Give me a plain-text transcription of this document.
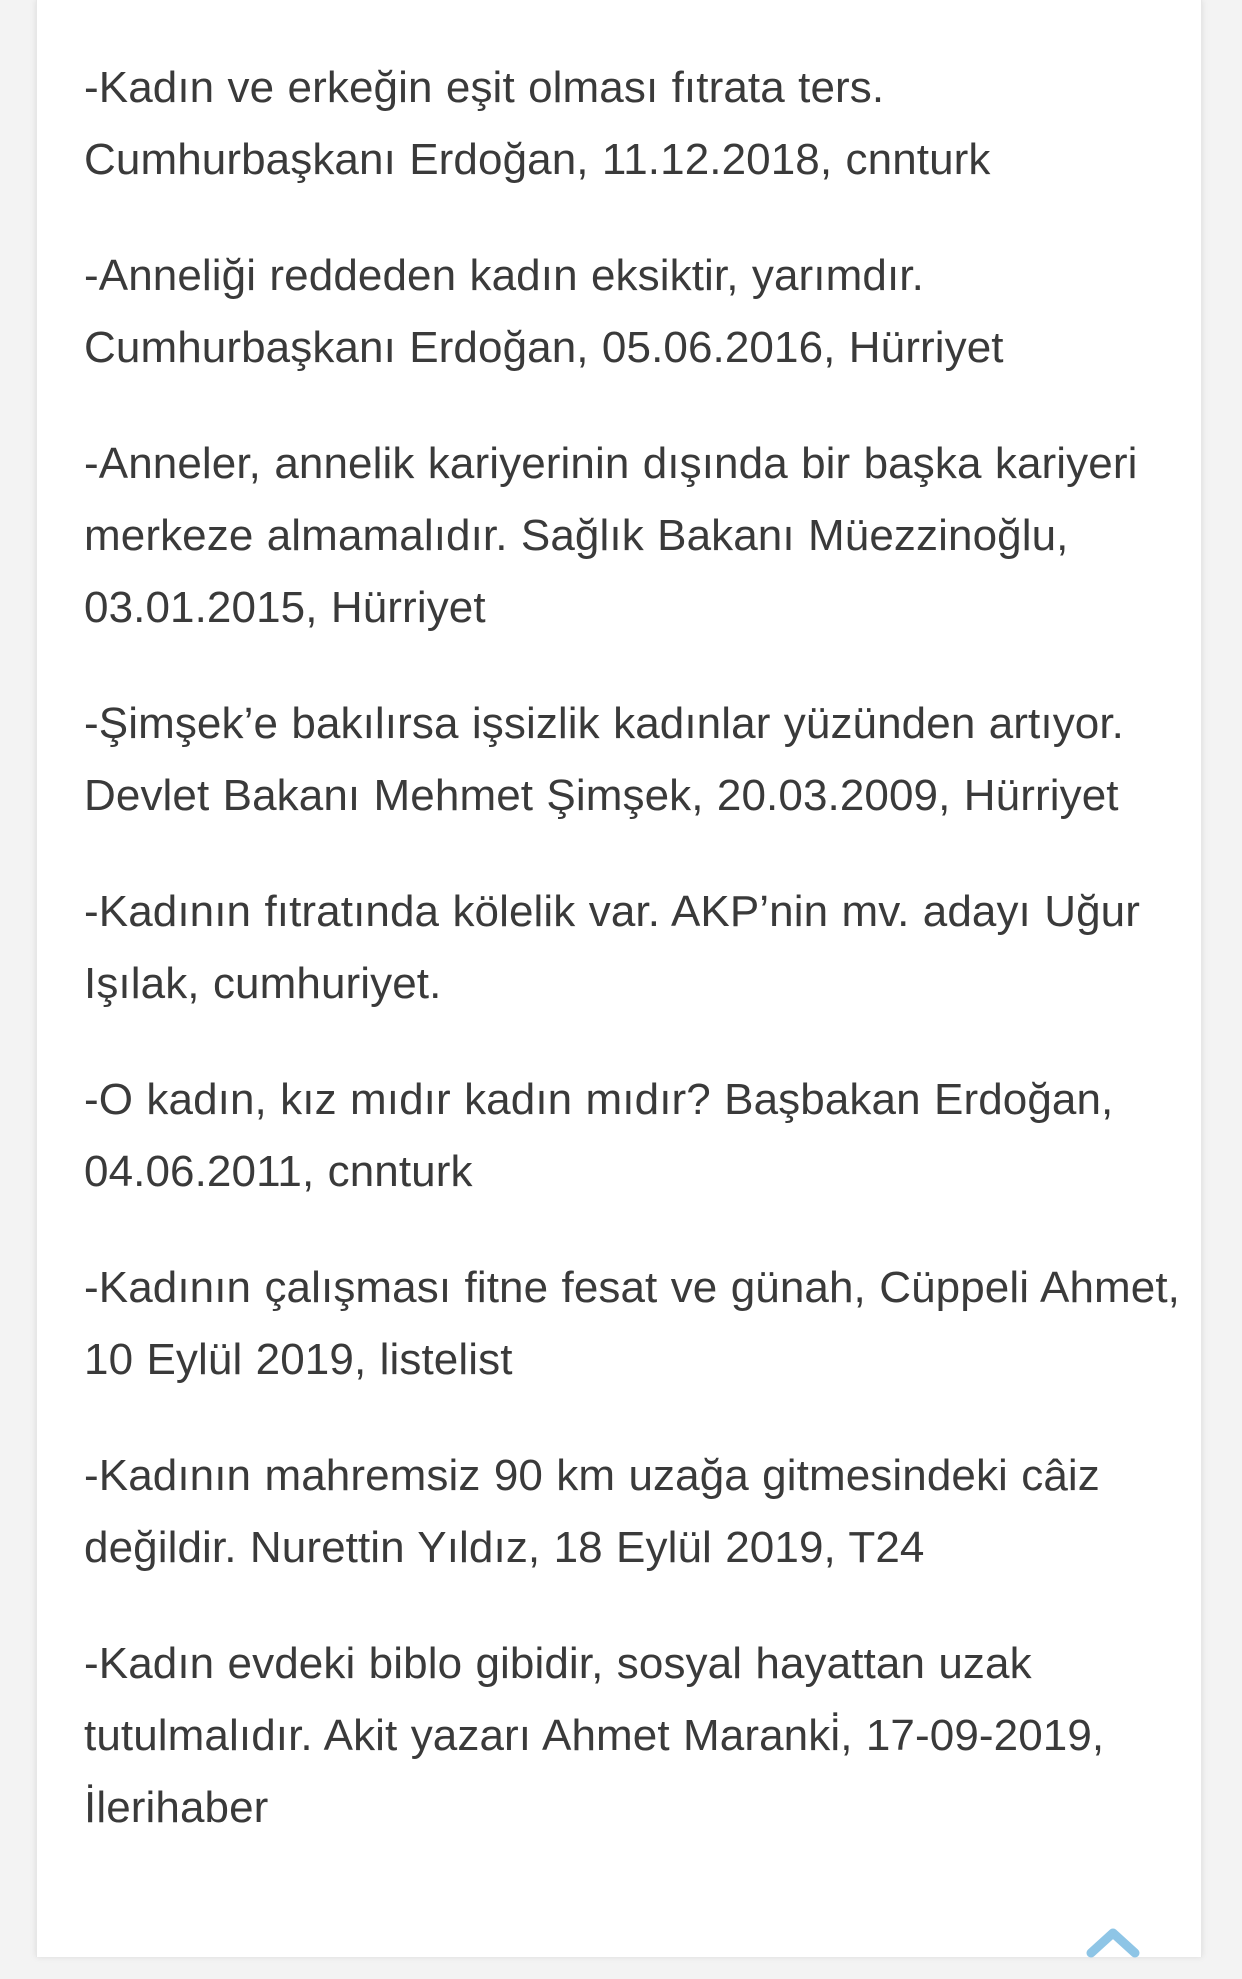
-Kadın ve erkeğin eşit olması fıtrata ters. Cumhurbaşkanı Erdoğan, 11.12.2018, cnnturk

-Anneliği reddeden kadın eksiktir, yarımdır. Cumhurbaşkanı Erdoğan, 05.06.2016, Hürriyet

-Anneler, annelik kariyerinin dışında bir başka kariyeri merkeze almamalıdır. Sağlık Bakanı Müezzinoğlu, 03.01.2015, Hürriyet

-Şimşek’e bakılırsa işsizlik kadınlar yüzünden artıyor. Devlet Bakanı Mehmet Şimşek, 20.03.2009, Hürriyet

-Kadının fıtratında kölelik var. AKP’nin mv. adayı Uğur Işılak, cumhuriyet.

-O kadın, kız mıdır kadın mıdır? Başbakan Erdoğan, 04.06.2011, cnnturk

-Kadının çalışması fitne fesat ve günah, Cüppeli Ahmet, 10 Eylül 2019, listelist

-Kadının mahremsiz 90 km uzağa gitmesindeki câiz değildir. Nurettin Yıldız, 18 Eylül 2019, T24

-Kadın evdeki biblo gibidir, sosyal hayattan uzak tutulmalıdır. Akit yazarı Ahmet Maranki̇, 17-09-2019, İlerihaber
